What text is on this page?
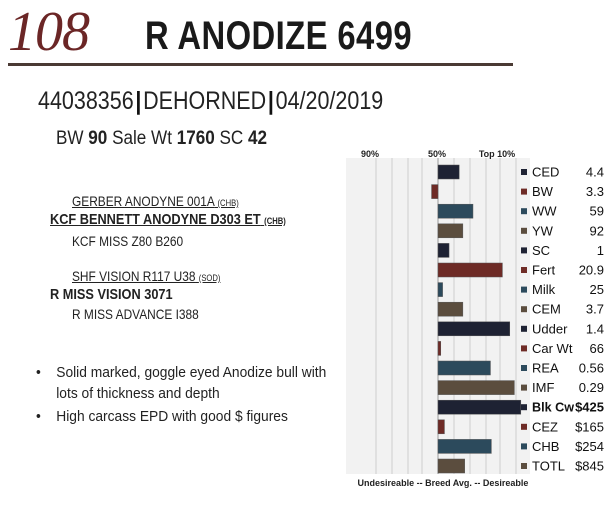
108 R ANODIZE 6499
44038356|DEHORNED|04/20/2019
BW 90 Sale Wt 1760 SC 42
GERBER ANODYNE 001A (CHB)
KCF BENNETT ANODYNE D303 ET (CHB)
KCF MISS Z80 B260
SHF VISION R117 U38 (SOD)
R MISS VISION 3071
R MISS ADVANCE I388
• Solid marked, goggle eyed Anodize bull with lots of thickness and depth
• High carcass EPD with good $ figures
90%	50%	Top 10%
CED 4.4
BW	3.3
WW	59
YW	92
SC	1
Fert 20.9
Milk	25
CEM 3.7
Udder 1.4
Car Wt 66
REA 0.56
IMF 0.29
Blk Cw $425
CEZ $165
CHB $254
TOTL $845
Undesireable -- Breed Avg. -- Desireable
